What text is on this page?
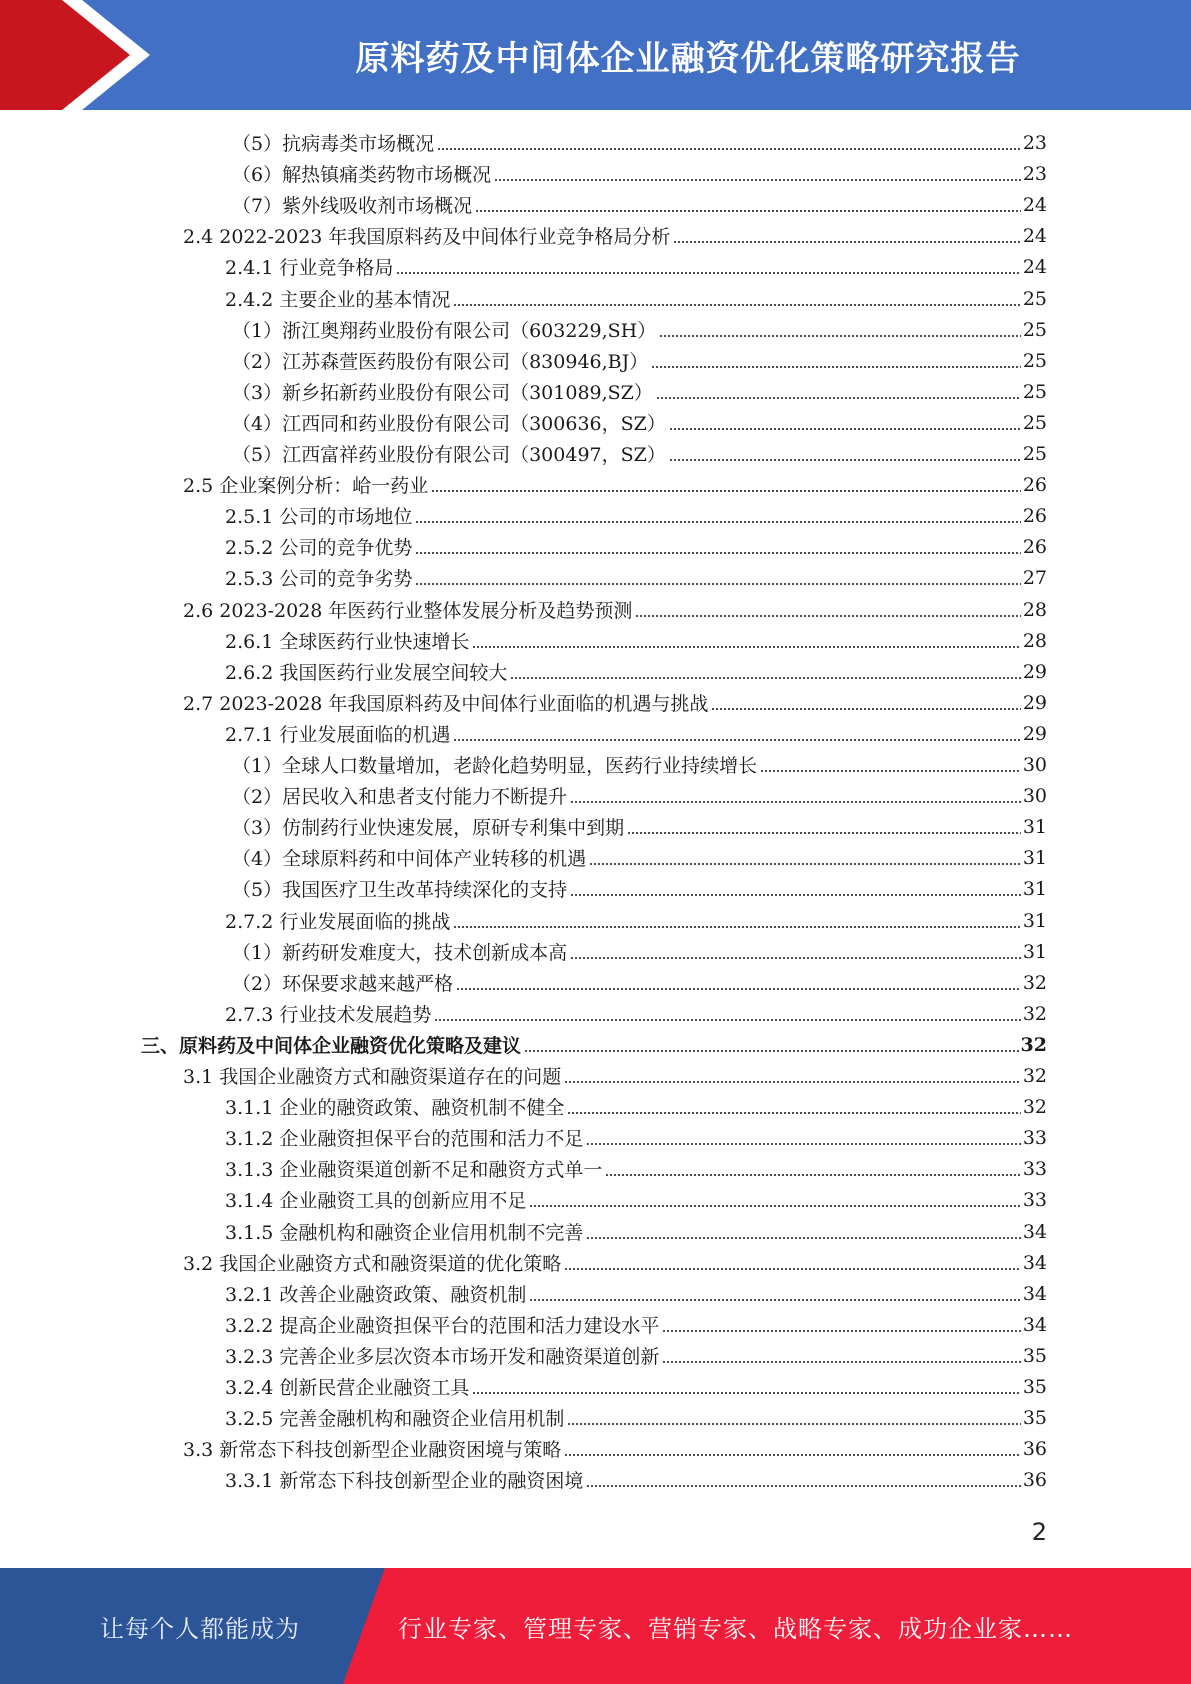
原料药及中间体企业融资优化策略研究报告
（5）抗病毒类市场概况	23
（6）解热镇痛类药物市场概况	23
（7）紫外线吸收剂市场概况	24
2.4 2022-2023 年我国原料药及中间体行业竞争格局分析	24
2.4.1 行业竞争格局	24
2.4.2 主要企业的基本情况	25
（1）浙江奥翔药业股份有限公司（603229,SH）	25
（2）江苏森萱医药股份有限公司（830946,BJ）	25
（3）新乡拓新药业股份有限公司（301089,SZ）	25
（4）江西同和药业股份有限公司（300636，SZ）	25
（5）江西富祥药业股份有限公司（300497，SZ）	25
2.5 企业案例分析：峆一药业	26
2.5.1 公司的市场地位	26
2.5.2 公司的竞争优势	26
2.5.3 公司的竞争劣势	27
2.6 2023-2028 年医药行业整体发展分析及趋势预测	28
2.6.1 全球医药行业快速增长	28
2.6.2 我国医药行业发展空间较大	29
2.7 2023-2028 年我国原料药及中间体行业面临的机遇与挑战	29
2.7.1 行业发展面临的机遇	29
（1）全球人口数量增加，老龄化趋势明显，医药行业持续增长	30
（2）居民收入和患者支付能力不断提升	30
（3）仿制药行业快速发展，原研专利集中到期	31
（4）全球原料药和中间体产业转移的机遇	31
（5）我国医疗卫生改革持续深化的支持	31
2.7.2 行业发展面临的挑战	31
（1）新药研发难度大，技术创新成本高	31
（2）环保要求越来越严格	32
2.7.3 行业技术发展趋势	32
三、原料药及中间体企业融资优化策略及建议	32
3.1 我国企业融资方式和融资渠道存在的问题	32
3.1.1 企业的融资政策、融资机制不健全	32
3.1.2 企业融资担保平台的范围和活力不足	33
3.1.3 企业融资渠道创新不足和融资方式单一	33
3.1.4 企业融资工具的创新应用不足	33
3.1.5 金融机构和融资企业信用机制不完善	34
3.2 我国企业融资方式和融资渠道的优化策略	34
3.2.1 改善企业融资政策、融资机制	34
3.2.2 提高企业融资担保平台的范围和活力建设水平	34
3.2.3 完善企业多层次资本市场开发和融资渠道创新	35
3.2.4 创新民营企业融资工具	35
3.2.5 完善金融机构和融资企业信用机制	35
3.3 新常态下科技创新型企业融资困境与策略	36
3.3.1 新常态下科技创新型企业的融资困境	36
2
让每个人都能成为	行业专家、管理专家、营销专家、战略专家、成功企业家……
